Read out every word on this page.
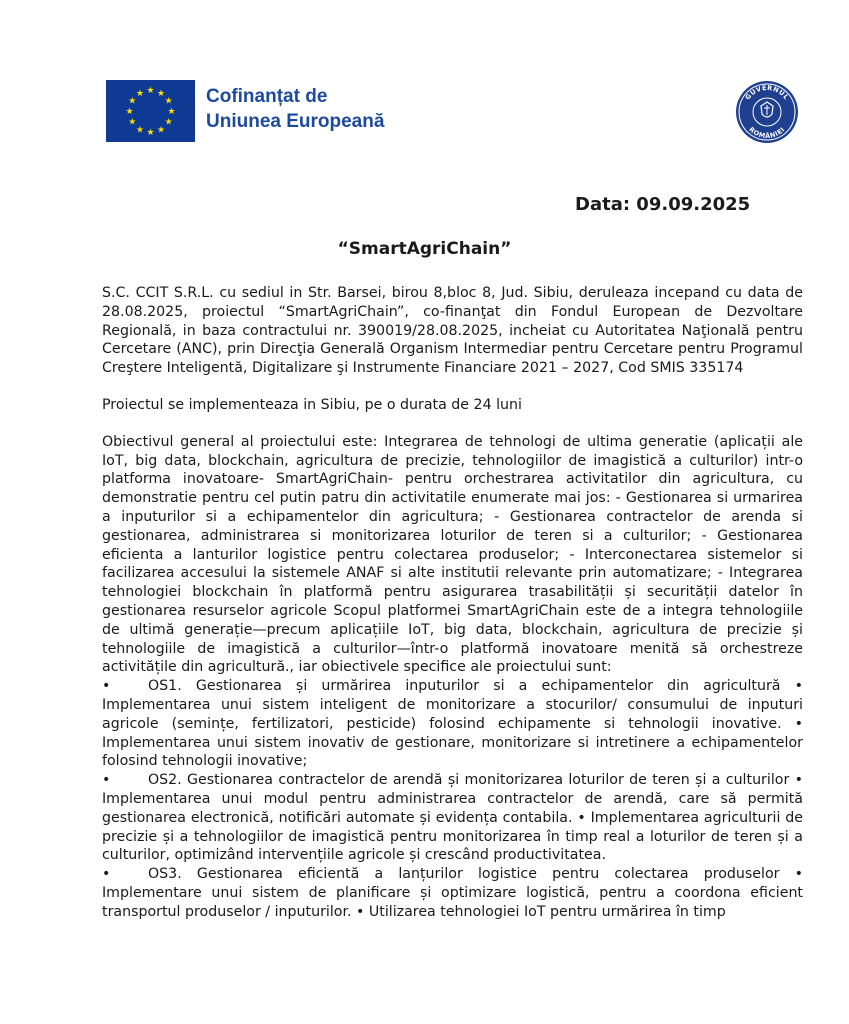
★ ★
★
★
★
★
★
★
★
★
★
★	Cofinanțat de
Uniunea Europeană
GUVERNUL
ROMÂNIEI
Data: 09.09.2025
“SmartAgriChain”

S.C. CCIT S.R.L. cu sediul in Str. Barsei, birou 8,bloc 8, Jud. Sibiu, deruleaza incepand cu data de 28.08.2025, proiectul “SmartAgriChain”, co-finanţat din Fondul European de Dezvoltare Regională, in baza contractului nr. 390019/28.08.2025, incheiat cu Autoritatea Naţională pentru Cercetare (ANC), prin Direcţia Generală Organism Intermediar pentru Cercetare pentru Programul Creştere Inteligentă, Digitalizare şi Instrumente Financiare 2021 – 2027, Cod SMIS 335174

Proiectul se implementeaza in Sibiu, pe o durata de 24 luni

Obiectivul general al proiectului este: Integrarea de tehnologi de ultima generatie (aplicații ale IoT, big data, blockchain, agricultura de precizie, tehnologiilor de imagistică a culturilor) intr-o platforma inovatoare- SmartAgriChain- pentru orchestrarea activitatilor din agricultura, cu demonstratie pentru cel putin patru din activitatile enumerate mai jos: - Gestionarea si urmarirea a inputurilor si a echipamentelor din agricultura; - Gestionarea contractelor de arenda si gestionarea, administrarea si monitorizarea loturilor de teren si a culturilor; - Gestionarea eficienta a lanturilor logistice pentru colectarea produselor; - Interconectarea sistemelor si facilizarea accesului la sistemele ANAF si alte institutii relevante prin automatizare; - Integrarea tehnologiei blockchain în platformă pentru asigurarea trasabilității și securității datelor în gestionarea resurselor agricole Scopul platformei SmartAgriChain este de a integra tehnologiile de ultimă generație—precum aplicațiile IoT, big data, blockchain, agricultura de precizie și tehnologiile de imagistică a culturilor—într-o platformă inovatoare menită să orchestreze activitățile din agricultură., iar obiectivele specifice ale proiectului sunt:

•	OS1. Gestionarea și urmărirea inputurilor si a echipamentelor din agricultură • Implementarea unui sistem inteligent de monitorizare a stocurilor/ consumului de inputuri agricole (semințe, fertilizatori, pesticide) folosind echipamente si tehnologii inovative. • Implementarea unui sistem inovativ de gestionare, monitorizare si intretinere a echipamentelor folosind tehnologii inovative;
•	OS2. Gestionarea contractelor de arendă și monitorizarea loturilor de teren și a culturilor • Implementarea unui modul pentru administrarea contractelor de arendă, care să permită gestionarea electronică, notificări automate și evidența contabila. • Implementarea agriculturii de precizie și a tehnologiilor de imagistică pentru monitorizarea în timp real a loturilor de teren și a culturilor, optimizând intervențiile agricole și crescând productivitatea.
•	OS3. Gestionarea eficientă a lanțurilor logistice pentru colectarea produselor • Implementare unui sistem de planificare și optimizare logistică, pentru a coordona eficient transportul produselor / inputurilor. • Utilizarea tehnologiei IoT pentru urmărirea în timp
